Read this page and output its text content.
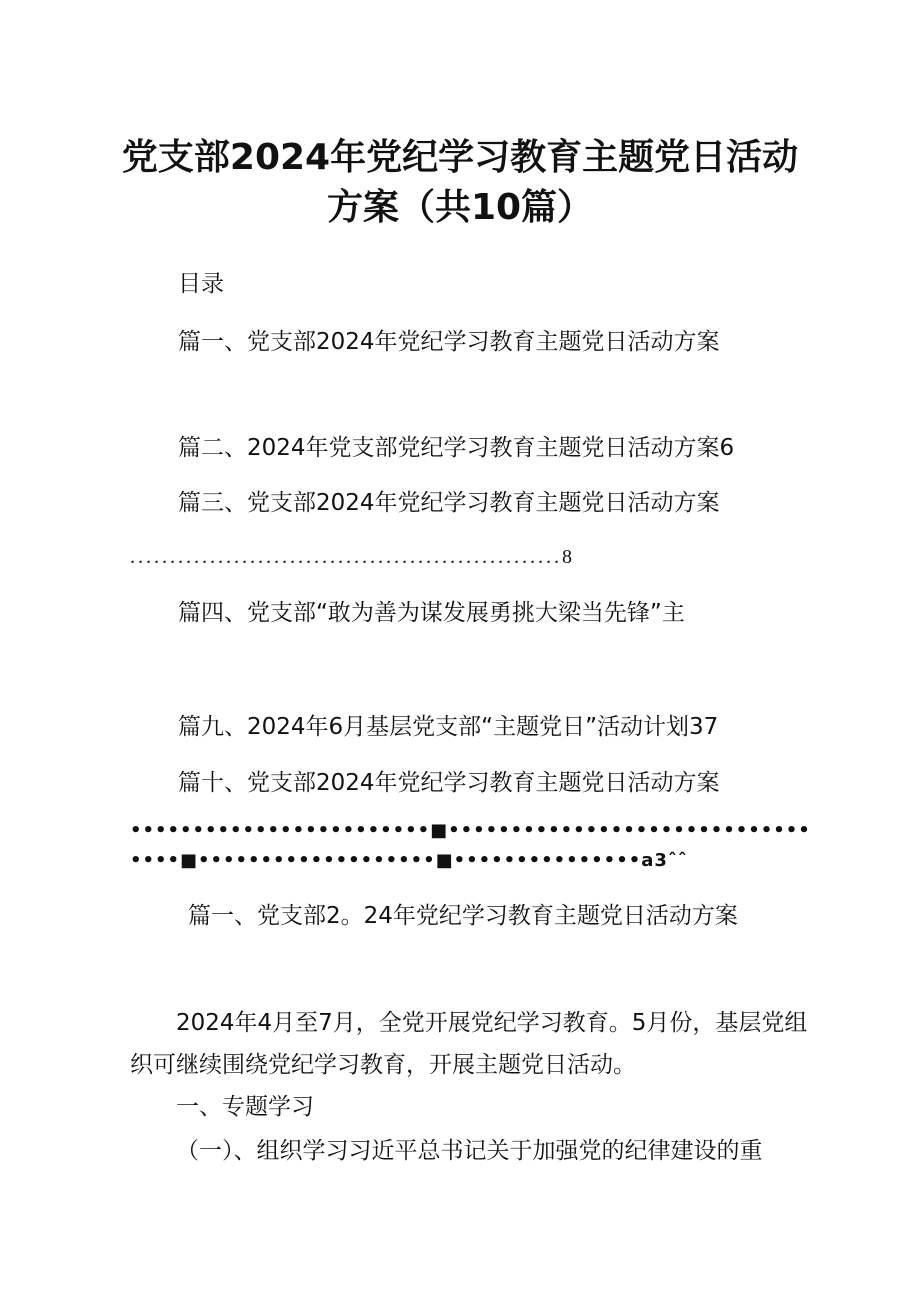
党支部2024年党纪学习教育主题党日活动
方案（共10篇）
目录
篇一、党支部2024年党纪学习教育主题党日活动方案
篇二、2024年党支部党纪学习教育主题党日活动方案6
篇三、党支部2024年党纪学习教育主题党日活动方案
......................................................8
篇四、党支部“敢为善为谋发展勇挑大梁当先锋”主
篇九、2024年6月基层党支部“主题党日”活动计划37
篇十、党支部2024年党纪学习教育主题党日活动方案
••••••••••••••••••••••••■•••••••••••••••••••••••••••••
••••■•••••••••••••••••••■•••••••••••••••a3ˆˆ
篇一、党支部2。24年党纪学习教育主题党日活动方案
2024年4月至7月，全党开展党纪学习教育。5月份，基层党组
织可继续围绕党纪学习教育，开展主题党日活动。
一、专题学习
（一）、组织学习习近平总书记关于加强党的纪律建设的重
